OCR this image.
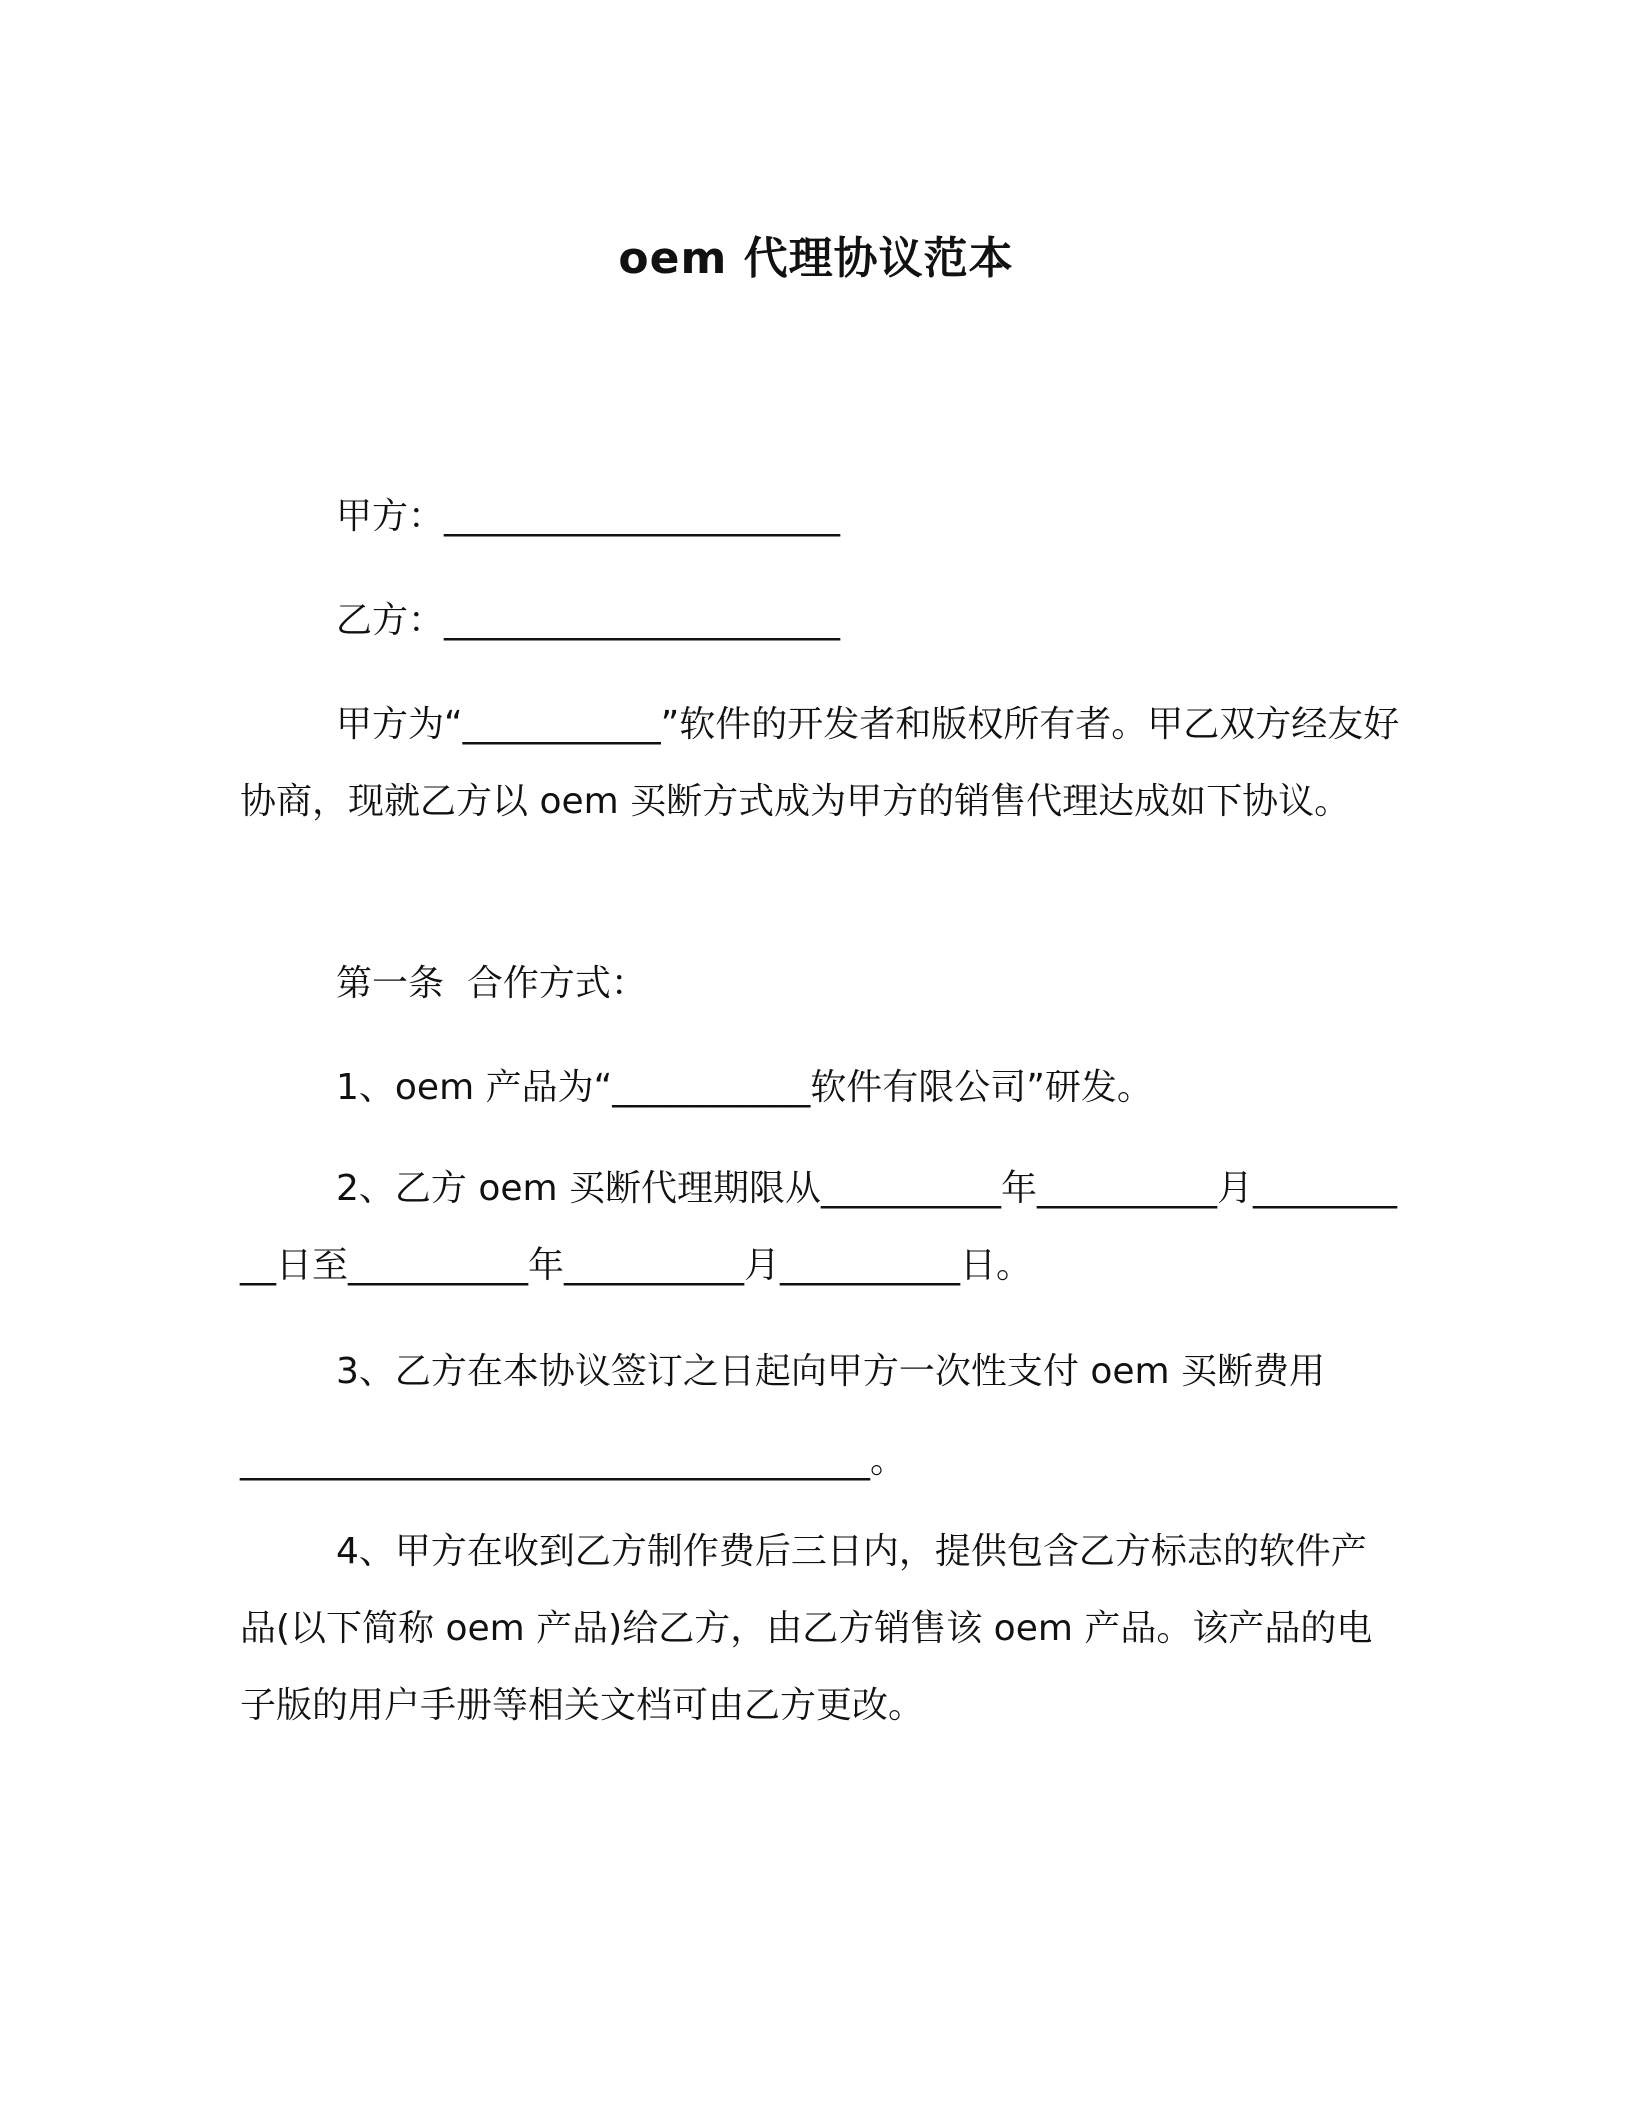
oem 代理协议范本
甲方：______________________
乙方：______________________
甲方为“___________”软件的开发者和版权所有者。甲乙双方经友好协商，现就乙方以 oem 买断方式成为甲方的销售代理达成如下协议。
第一条  合作方式：
1、oem 产品为“___________软件有限公司”研发。
2、乙方 oem 买断代理期限从__________年__________月__________日至__________年__________月__________日。
3、乙方在本协议签订之日起向甲方一次性支付 oem 买断费用
___________________________________。
4、甲方在收到乙方制作费后三日内，提供包含乙方标志的软件产品(以下简称 oem 产品)给乙方，由乙方销售该 oem 产品。该产品的电子版的用户手册等相关文档可由乙方更改。
